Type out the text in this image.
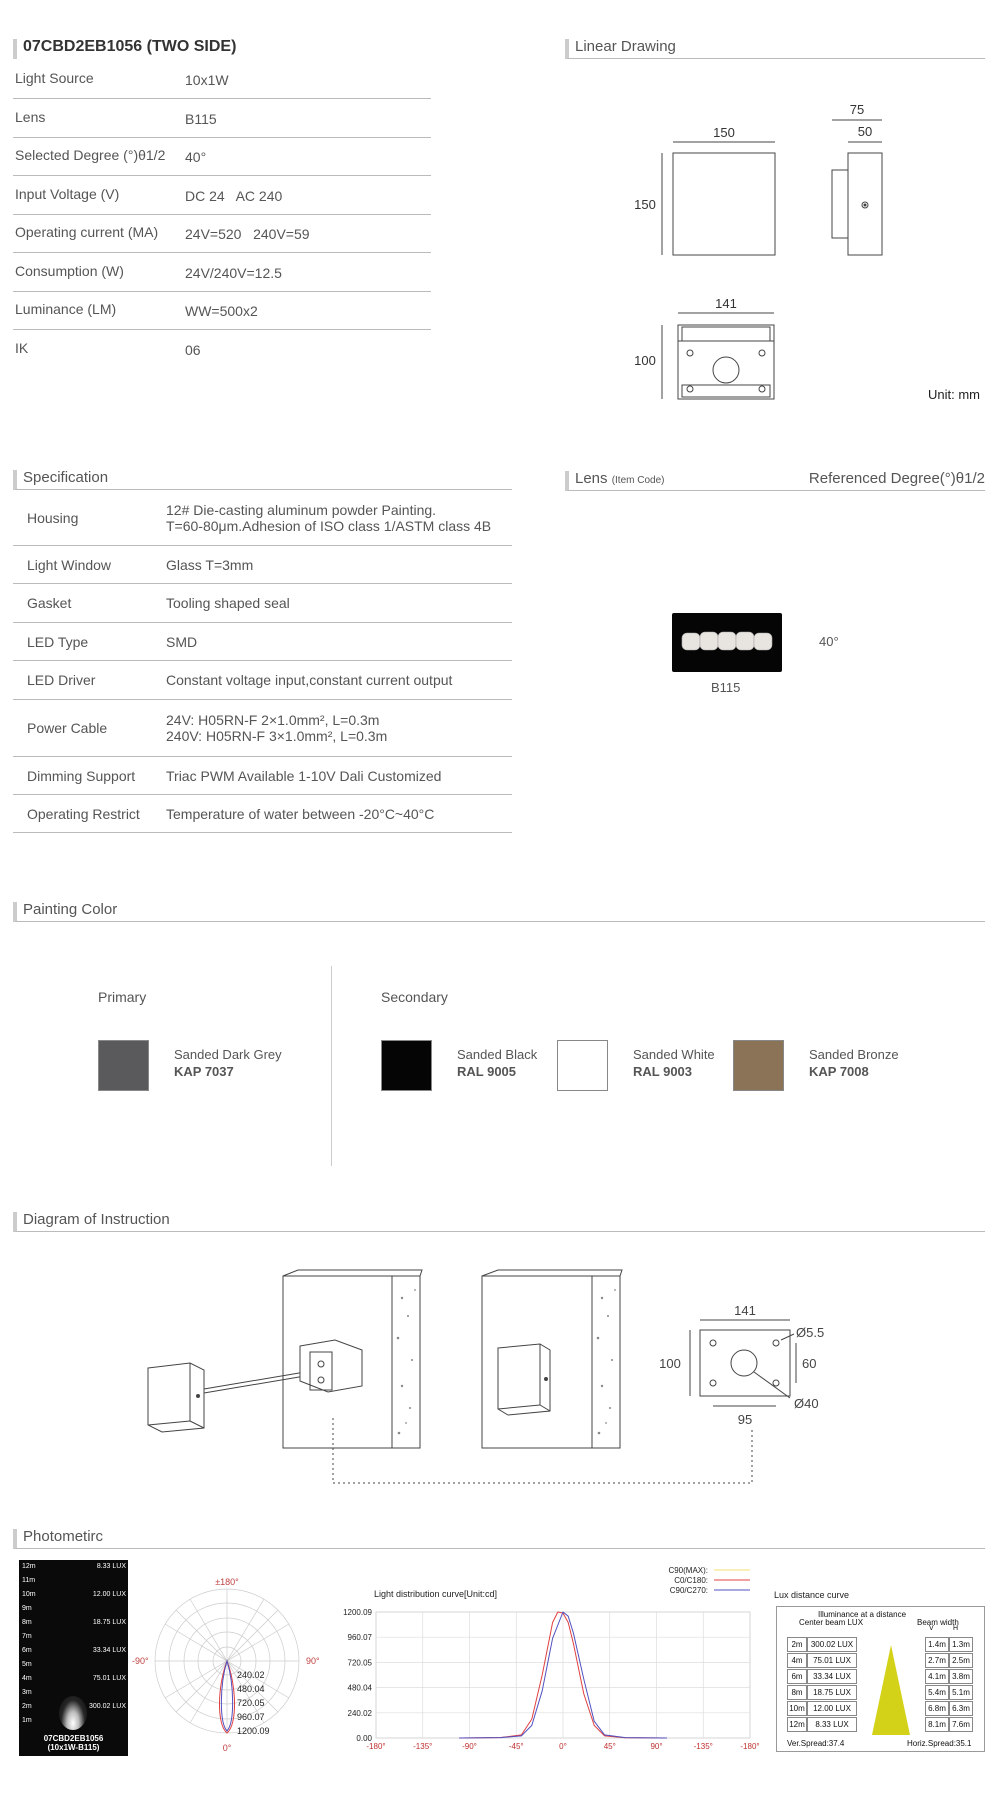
07CBD2EB1056 (TWO SIDE)
Light Source	10x1W
Lens	B115
Selected Degree (°)θ1/2 40°
Input Voltage (V)	DC 24   AC 240
Operating current (MA) 24V=520   240V=59
Consumption (W)	24V/240V=12.5
Luminance (LM)	WW=500x2
IK	06
Linear Drawing
150
150
75
50
141
100
Unit: mm
Specification
Housing	12# Die-casting aluminum powder Painting.
T=60-80μm.Adhesion of ISO class 1/ASTM class 4B
Light Window	Glass T=3mm
Gasket	Tooling shaped seal
LED Type	SMD
LED Driver	Constant voltage input,constant current output
Power Cable	24V: H05RN-F 2×1.0mm², L=0.3m
240V: H05RN-F 3×1.0mm², L=0.3m
Dimming Support Triac PWM Available 1-10V Dali Customized
Operating Restrict Temperature of water between -20°C~40°C
Lens (Item Code)	Referenced Degree(°)θ1/2
B115
40°
Painting Color
Primary	Secondary
Sanded Dark Grey
KAP 7037
Sanded Black
RAL 9005
Sanded White
RAL 9003
Sanded Bronze
KAP 7008
Diagram of Instruction
141
100
Ø5.5
60
Ø40
95
Photometirc
12m	8.33 LUX
11m
10m	12.00 LUX
9m
8m	18.75 LUX
7m
6m	33.34 LUX
5m
4m	75.01 LUX
3m
2m	300.02 LUX
1m
07CBD2EB1056
(10x1W-B115)
±180°
-90°	90°
0°
240.02
480.04
720.05
960.07
1200.09
Light distribution curve[Unit:cd]
-180°	-135°	-90°	-45°	0°	45°	90°	-135°	-180°
0.00
240.02
480.04
720.05
960.07
1200.09
C90(MAX):
C0/C180:
C90/C270:	Lux distance curve
Illuminance at a distance
Center beam LUX	Beam width
V	H
2m	300.02 LUX	1.4m 1.3m
4m	75.01 LUX	2.7m 2.5m
6m	33.34 LUX	4.1m 3.8m
8m	18.75 LUX	5.4m 5.1m
10m	12.00 LUX	6.8m 6.3m
12m	8.33 LUX	8.1m 7.6m
Ver.Spread:37.4	Horiz.Spread:35.1
